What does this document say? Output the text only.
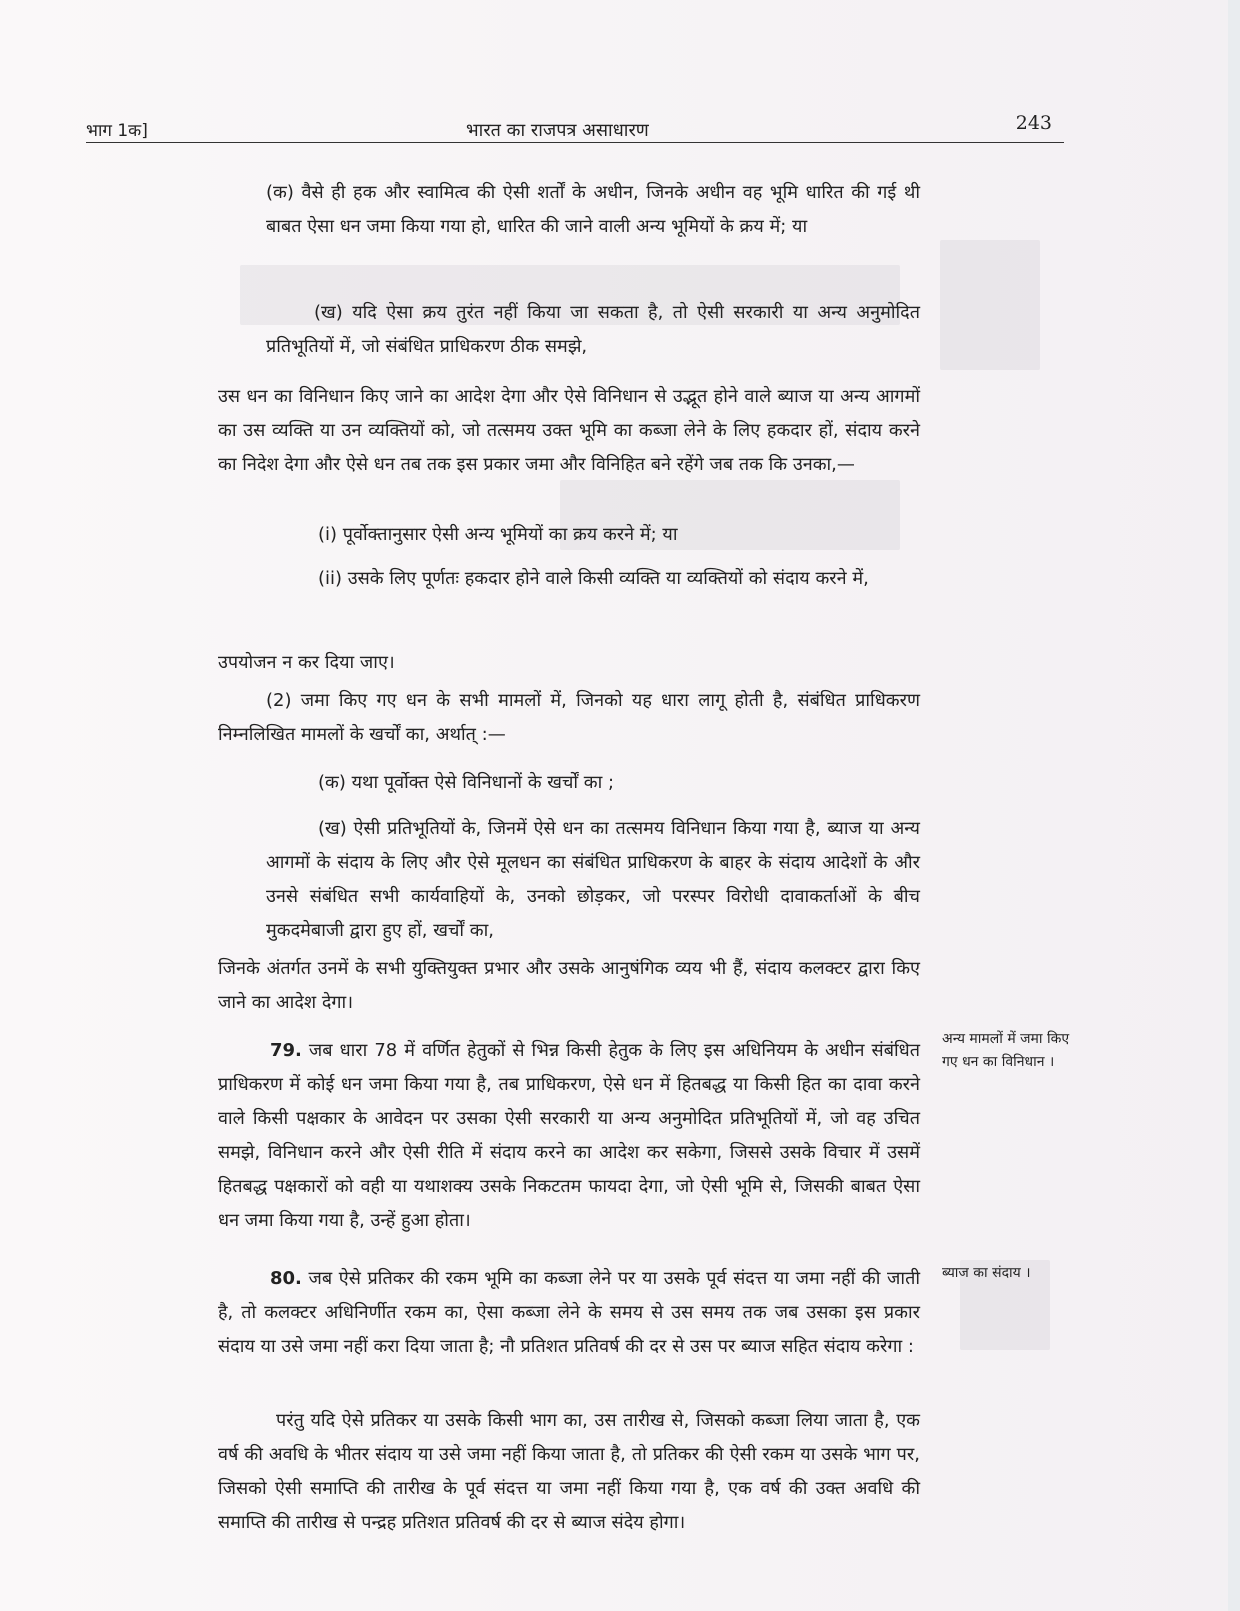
भाग 1क]	भारत का राजपत्र असाधारण	243

(क) वैसे ही हक और स्वामित्व की ऐसी शर्तों के अधीन, जिनके अधीन वह भूमि धारित की गई थी बाबत ऐसा धन जमा किया गया हो, धारित की जाने वाली अन्य भूमियों के क्रय में; या

(ख) यदि ऐसा क्रय तुरंत नहीं किया जा सकता है, तो ऐसी सरकारी या अन्य अनुमोदित प्रतिभूतियों में, जो संबंधित प्राधिकरण ठीक समझे,

उस धन का विनिधान किए जाने का आदेश देगा और ऐसे विनिधान से उद्भूत होने वाले ब्याज या अन्य आगमों का उस व्यक्ति या उन व्यक्तियों को, जो तत्समय उक्त भूमि का कब्जा लेने के लिए हकदार हों, संदाय करने का निदेश देगा और ऐसे धन तब तक इस प्रकार जमा और विनिहित बने रहेंगे जब तक कि उनका,—

(i) पूर्वोक्तानुसार ऐसी अन्य भूमियों का क्रय करने में; या

(ii) उसके लिए पूर्णतः हकदार होने वाले किसी व्यक्ति या व्यक्तियों को संदाय करने में,

उपयोजन न कर दिया जाए।

(2) जमा किए गए धन के सभी मामलों में, जिनको यह धारा लागू होती है, संबंधित प्राधिकरण निम्नलिखित मामलों के खर्चों का, अर्थात् :—

(क) यथा पूर्वोक्त ऐसे विनिधानों के खर्चों का ;

(ख) ऐसी प्रतिभूतियों के, जिनमें ऐसे धन का तत्समय विनिधान किया गया है, ब्याज या अन्य आगमों के संदाय के लिए और ऐसे मूलधन का संबंधित प्राधिकरण के बाहर के संदाय आदेशों के और उनसे संबंधित सभी कार्यवाहियों के, उनको छोड़कर, जो परस्पर विरोधी दावाकर्ताओं के बीच मुकदमेबाजी द्वारा हुए हों, खर्चों का,

जिनके अंतर्गत उनमें के सभी युक्तियुक्त प्रभार और उसके आनुषंगिक व्यय भी हैं, संदाय कलक्टर द्वारा किए जाने का आदेश देगा।

79. जब धारा 78 में वर्णित हेतुकों से भिन्न किसी हेतुक के लिए इस अधिनियम के अधीन संबंधित प्राधिकरण में कोई धन जमा किया गया है, तब प्राधिकरण, ऐसे धन में हितबद्ध या किसी हित का दावा करने वाले किसी पक्षकार के आवेदन पर उसका ऐसी सरकारी या अन्य अनुमोदित प्रतिभूतियों में, जो वह उचित समझे, विनिधान करने और ऐसी रीति में संदाय करने का आदेश कर सकेगा, जिससे उसके विचार में उसमें हितबद्ध पक्षकारों को वही या यथाशक्य उसके निकटतम फायदा देगा, जो ऐसी भूमि से, जिसकी बाबत ऐसा धन जमा किया गया है, उन्हें हुआ होता।

अन्य मामलों में जमा किए गए धन का विनिधान ।

80. जब ऐसे प्रतिकर की रकम भूमि का कब्जा लेने पर या उसके पूर्व संदत्त या जमा नहीं की जाती है, तो कलक्टर अधिनिर्णीत रकम का, ऐसा कब्जा लेने के समय से उस समय तक जब उसका इस प्रकार संदाय या उसे जमा नहीं करा दिया जाता है; नौ प्रतिशत प्रतिवर्ष की दर से उस पर ब्याज सहित संदाय करेगा :

ब्याज का संदाय ।

परंतु यदि ऐसे प्रतिकर या उसके किसी भाग का, उस तारीख से, जिसको कब्जा लिया जाता है, एक वर्ष की अवधि के भीतर संदाय या उसे जमा नहीं किया जाता है, तो प्रतिकर की ऐसी रकम या उसके भाग पर, जिसको ऐसी समाप्ति की तारीख के पूर्व संदत्त या जमा नहीं किया गया है, एक वर्ष की उक्त अवधि की समाप्ति की तारीख से पन्द्रह प्रतिशत प्रतिवर्ष की दर से ब्याज संदेय होगा।
